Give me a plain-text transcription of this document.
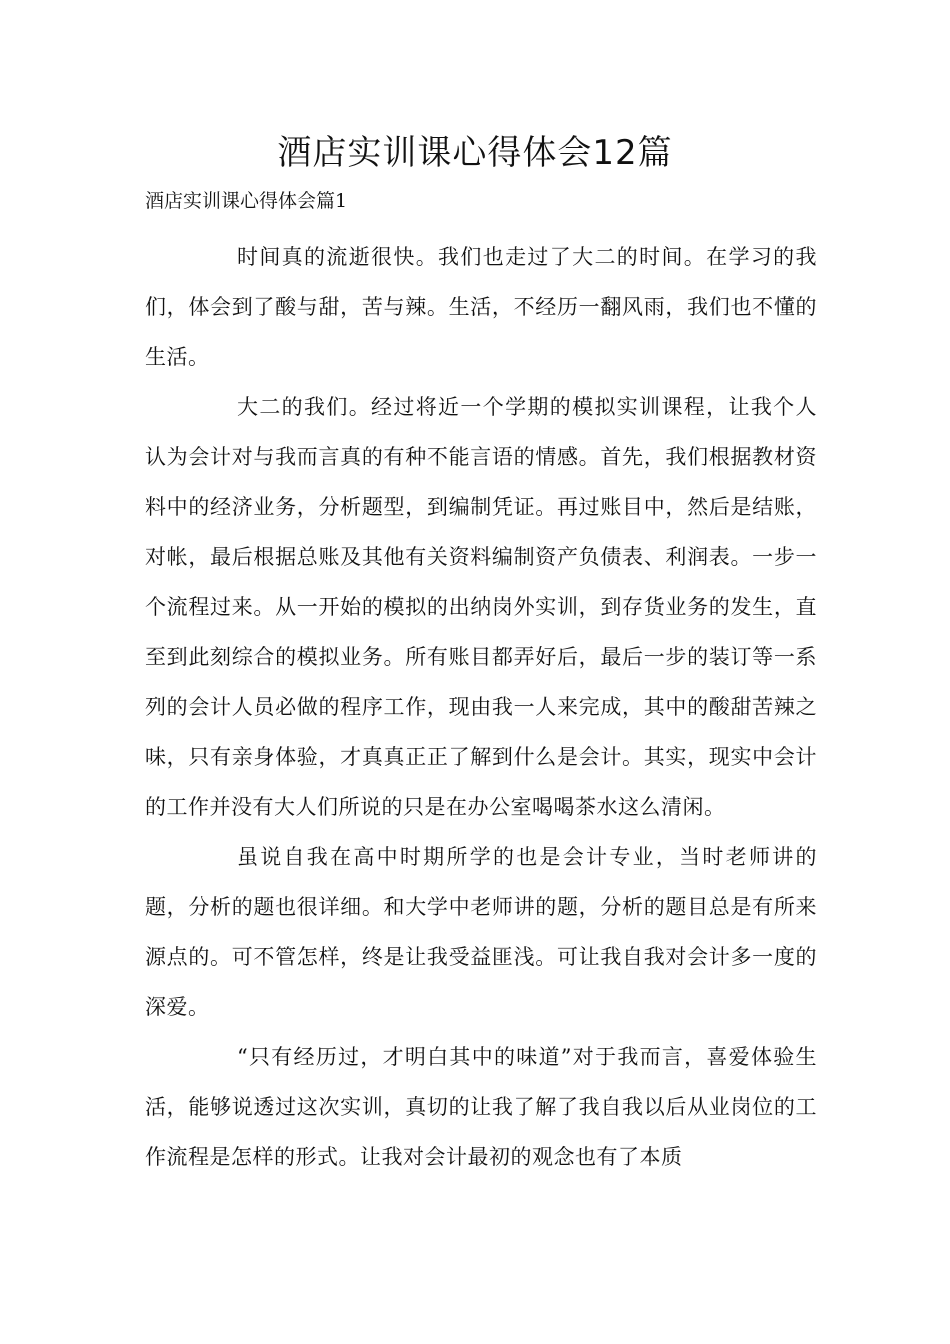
酒店实训课心得体会12篇

酒店实训课心得体会篇1

时间真的流逝很快。我们也走过了大二的时间。在学习的我们，体会到了酸与甜，苦与辣。生活，不经历一翻风雨，我们也不懂的生活。

大二的我们。经过将近一个学期的模拟实训课程，让我个人认为会计对与我而言真的有种不能言语的情感。首先，我们根据教材资料中的经济业务，分析题型，到编制凭证。再过账目中，然后是结账，对帐，最后根据总账及其他有关资料编制资产负债表、利润表。一步一个流程过来。从一开始的模拟的出纳岗外实训，到存货业务的发生，直至到此刻综合的模拟业务。所有账目都弄好后，最后一步的装订等一系列的会计人员必做的程序工作，现由我一人来完成，其中的酸甜苦辣之味，只有亲身体验，才真真正正了解到什么是会计。其实，现实中会计的工作并没有大人们所说的只是在办公室喝喝茶水这么清闲。

虽说自我在高中时期所学的也是会计专业，当时老师讲的题，分析的题也很详细。和大学中老师讲的题，分析的题目总是有所来源点的。可不管怎样，终是让我受益匪浅。可让我自我对会计多一度的深爱。

“只有经历过，才明白其中的味道”对于我而言，喜爱体验生活，能够说透过这次实训，真切的让我了解了我自我以后从业岗位的工作流程是怎样的形式。让我对会计最初的观念也有了本质
